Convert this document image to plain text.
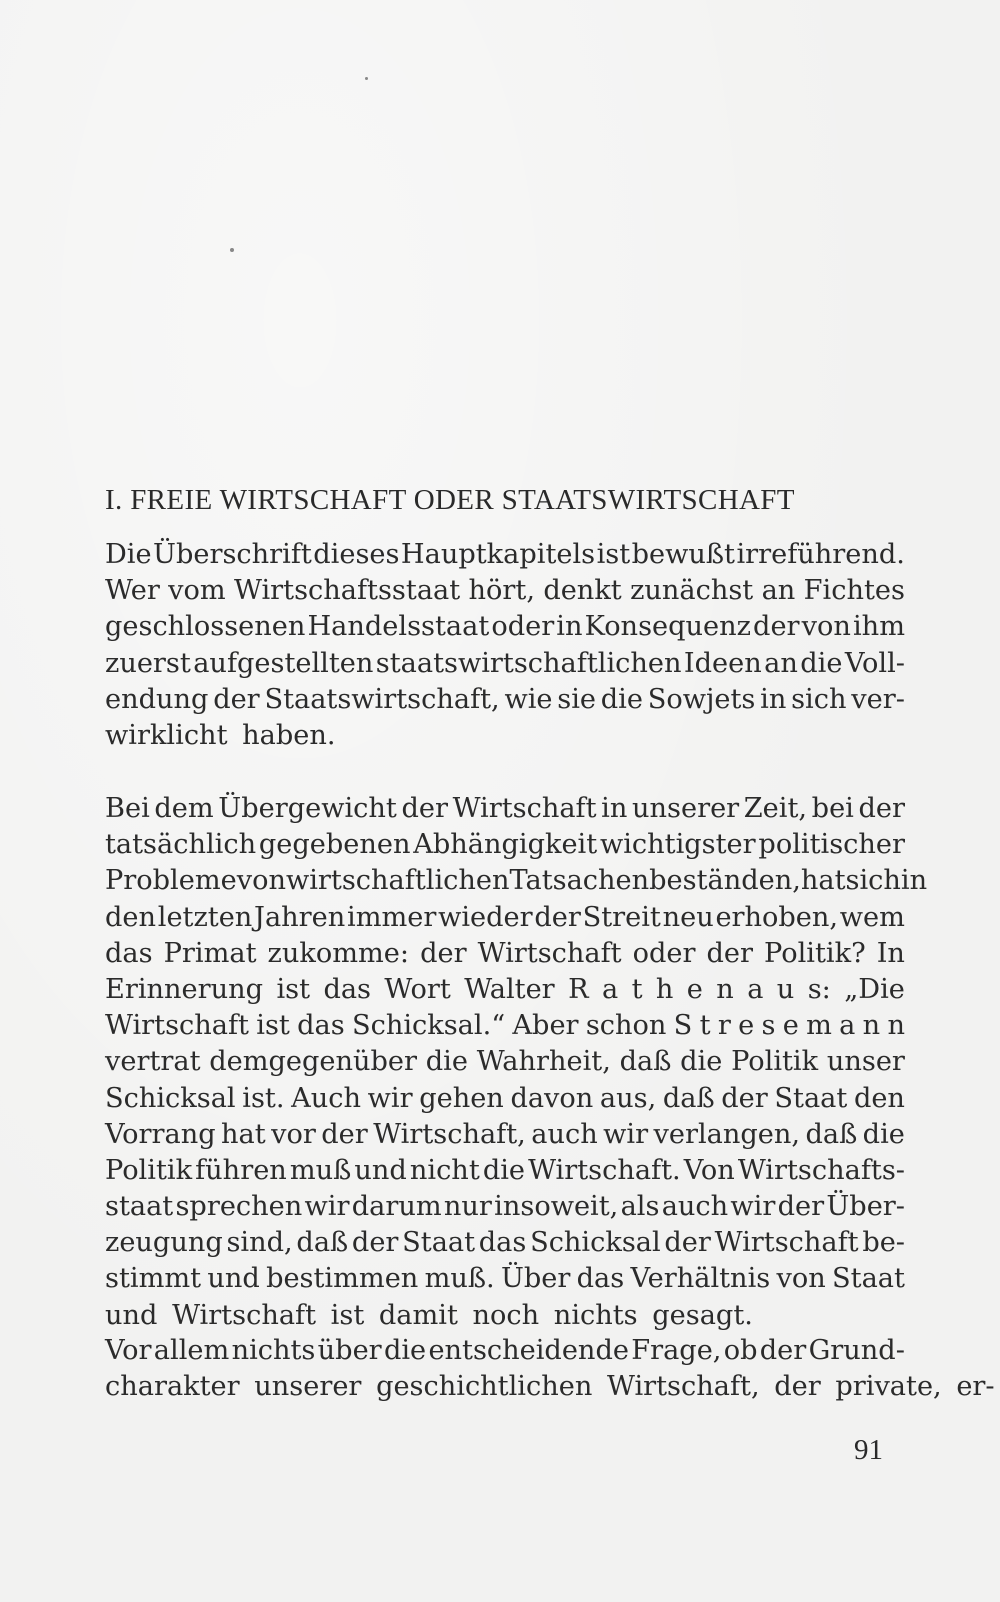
I. FREIE WIRTSCHAFT ODER STAATSWIRTSCHAFT
Die Überschrift dieses Hauptkapitels ist bewußt irreführend.
Wer vom Wirtschaftsstaat hört, denkt zunächst an Fichtes
geschlossenen Handelsstaat oder in Konsequenz der von ihm
zuerst aufgestellten staatswirtschaftlichen Ideen an die Voll-
endung der Staatswirtschaft, wie sie die Sowjets in sich ver-
wirklicht haben.
Bei dem Übergewicht der Wirtschaft in unserer Zeit, bei der
tatsächlich gegebenen Abhängigkeit wichtigster politischer
Probleme von wirtschaftlichen Tatsachenbeständen, hat sich in
den letzten Jahren immer wieder der Streit neu erhoben, wem
das Primat zukomme: der Wirtschaft oder der Politik? In
Erinnerung ist das Wort Walter R a t h e n a u s: „Die
Wirtschaft ist das Schicksal.“ Aber schon S t r e s e m a n n
vertrat demgegenüber die Wahrheit, daß die Politik unser
Schicksal ist. Auch wir gehen davon aus, daß der Staat den
Vorrang hat vor der Wirtschaft, auch wir verlangen, daß die
Politik führen muß und nicht die Wirtschaft. Von Wirtschafts-
staat sprechen wir darum nur insoweit, als auch wir der Über-
zeugung sind, daß der Staat das Schicksal der Wirtschaft be-
stimmt und bestimmen muß. Über das Verhältnis von Staat
und Wirtschaft ist damit noch nichts gesagt.
Vor allem nichts über die entscheidende Frage, ob der Grund-
charakter unserer geschichtlichen Wirtschaft, der private, er-
91
